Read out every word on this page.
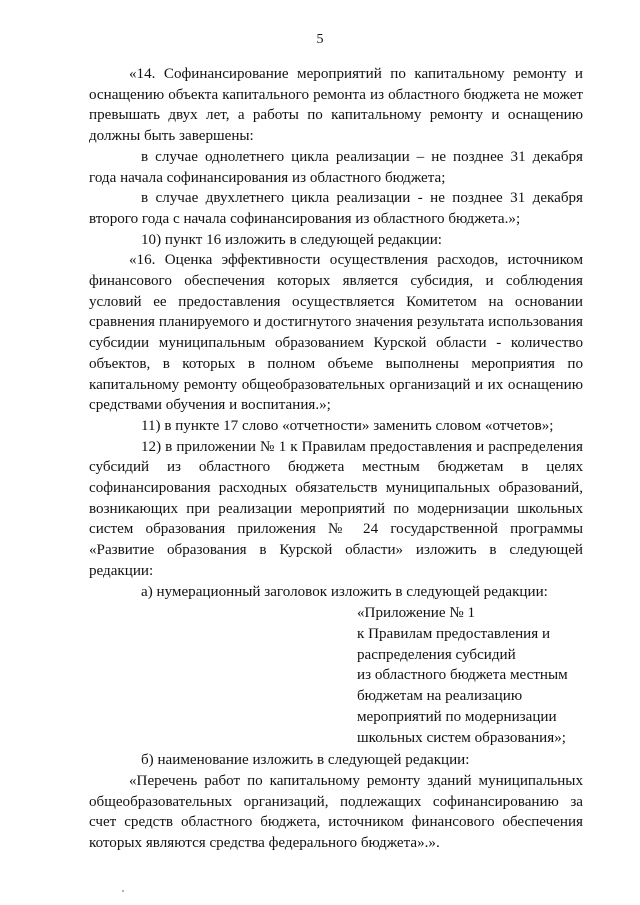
5

«14. Софинансирование мероприятий по капитальному ремонту и оснащению объекта капитального ремонта из областного бюджета не может превышать двух лет, а работы по капитальному ремонту и оснащению должны быть завершены:

в случае однолетнего цикла реализации – не позднее 31 декабря года начала софинансирования из областного бюджета;

в случае двухлетнего цикла реализации - не позднее 31 декабря второго года с начала софинансирования из областного бюджета.»;

10) пункт 16 изложить в следующей редакции:

«16. Оценка эффективности осуществления расходов, источником финансового обеспечения которых является субсидия, и соблюдения условий ее предоставления осуществляется Комитетом на основании сравнения планируемого и достигнутого значения результата использования субсидии муниципальным образованием Курской области - количество объектов, в которых в полном объеме выполнены мероприятия по капитальному ремонту общеобразовательных организаций и их оснащению средствами обучения и воспитания.»;

11) в пункте 17 слово «отчетности» заменить словом «отчетов»;

12) в приложении № 1 к Правилам предоставления и распределения субсидий из областного бюджета местным бюджетам в целях софинансирования расходных обязательств муниципальных образований, возникающих при реализации мероприятий по модернизации школьных систем образования приложения № 24 государственной программы «Развитие образования в Курской области» изложить в следующей редакции:

а) нумерационный заголовок изложить в следующей редакции:

«Приложение № 1
к Правилам предоставления и
распределения субсидий
из областного бюджета местным
бюджетам на реализацию
мероприятий по модернизации
школьных систем образования»;

б) наименование изложить в следующей редакции:

«Перечень работ по капитальному ремонту зданий муниципальных общеобразовательных организаций, подлежащих софинансированию за счет средств областного бюджета, источником финансового обеспечения которых являются средства федерального бюджета».».
